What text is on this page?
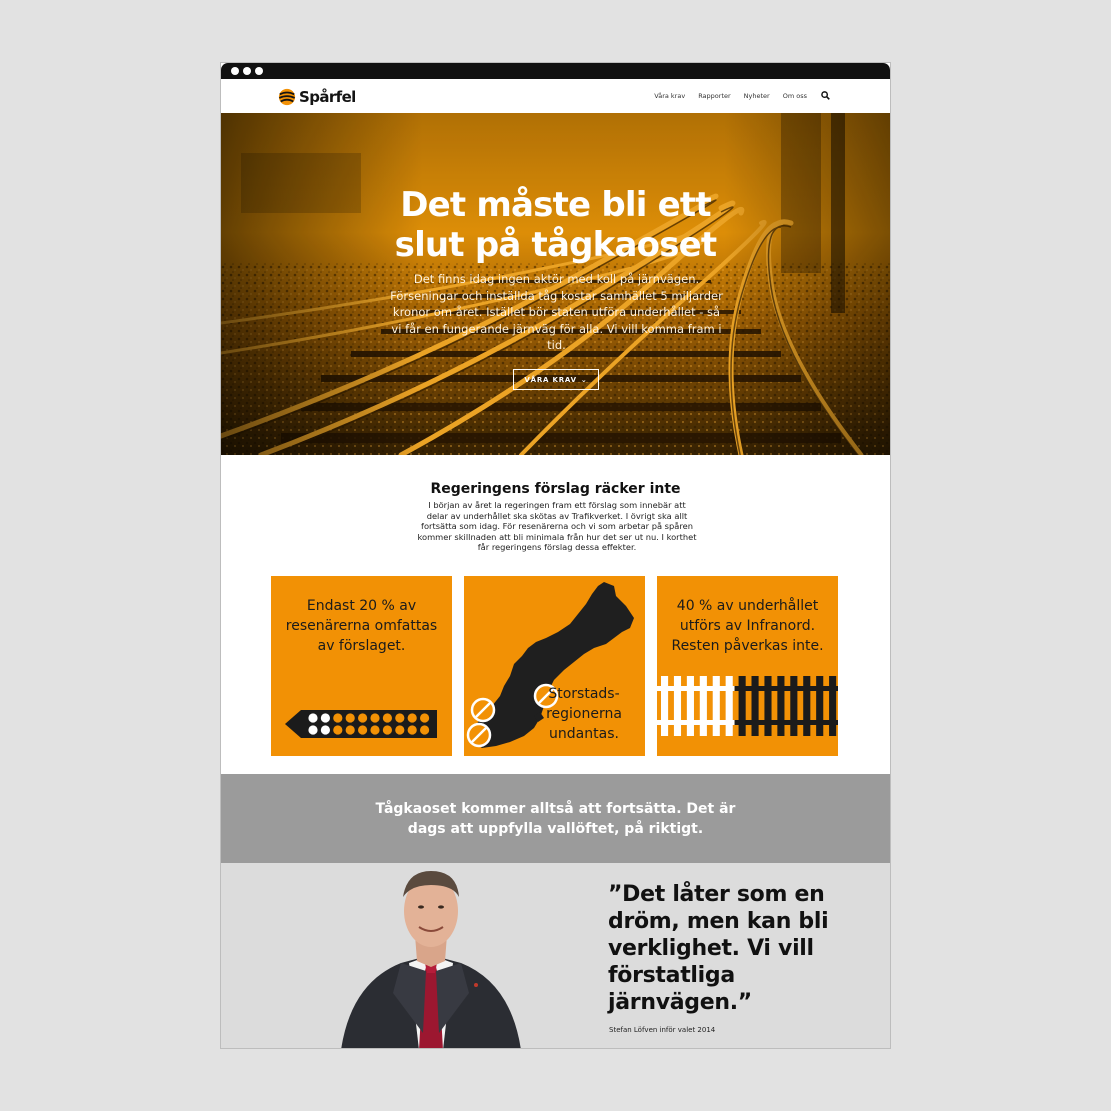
Spårfel	Våra krav Rapporter Nyheter Om oss
Det måste bli ett
slut på tågkaoset

Det finns idag ingen aktör med koll på järnvägen. Förseningar och inställda tåg kostar samhället 5 miljarder kronor om året. Istället bör staten utföra underhållet - så vi får en fungerande järnväg för alla. Vi vill komma fram i tid.

VÅRA KRAV ⌄
Regeringens förslag räcker inte

I början av året la regeringen fram ett förslag som innebär att delar av underhållet ska skötas av Trafikverket. I övrigt ska allt fortsätta som idag. För resenärerna och vi som arbetar på spåren kommer skillnaden att bli minimala från hur det ser ut nu. I korthet får regeringens förslag dessa effekter.

Endast 20 % av
resenärerna omfattas
av förslaget.
Storstads-
regionerna
undantas.
40 % av underhållet
utförs av Infranord.
Resten påverkas inte.

Tågkaoset kommer alltså att fortsätta. Det är dags att uppfylla vallöftet, på riktigt.

”Det låter som en dröm, men kan bli verklighet. Vi vill förstatliga järnvägen.”

Stefan Löfven inför valet 2014
